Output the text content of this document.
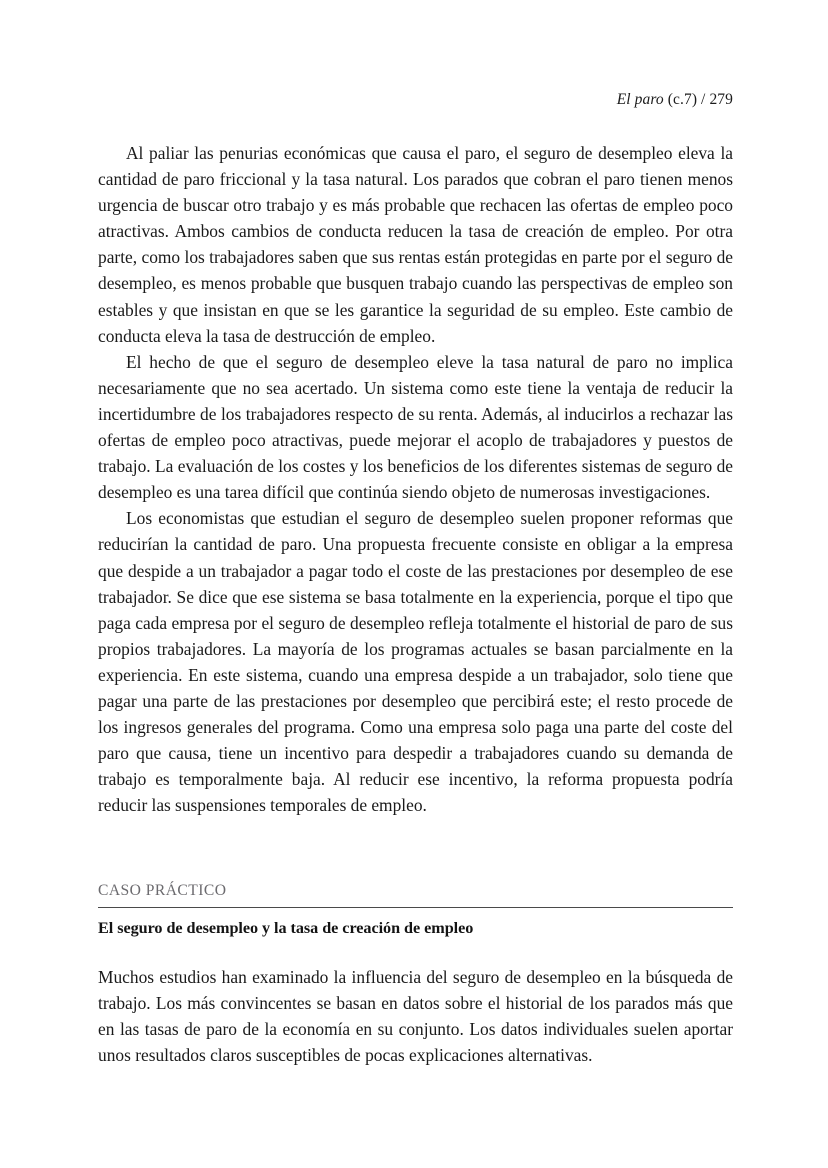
El paro (c.7) / 279

Al paliar las penurias económicas que causa el paro, el seguro de desempleo eleva la cantidad de paro friccional y la tasa natural. Los parados que cobran el paro tienen menos urgencia de buscar otro trabajo y es más probable que rechacen las ofertas de empleo poco atractivas. Ambos cambios de conducta reducen la tasa de creación de empleo. Por otra parte, como los trabajadores saben que sus rentas están protegidas en parte por el seguro de desempleo, es menos probable que busquen trabajo cuando las perspectivas de empleo son estables y que insistan en que se les garantice la seguridad de su empleo. Este cambio de conducta eleva la tasa de destrucción de empleo.

El hecho de que el seguro de desempleo eleve la tasa natural de paro no implica necesariamente que no sea acertado. Un sistema como este tiene la ventaja de reducir la incertidumbre de los trabajadores respecto de su renta. Además, al inducirlos a rechazar las ofertas de empleo poco atractivas, puede mejorar el acoplo de trabajadores y puestos de trabajo. La evaluación de los costes y los beneficios de los diferentes sistemas de seguro de desempleo es una tarea difícil que continúa siendo objeto de numerosas investigaciones.

Los economistas que estudian el seguro de desempleo suelen proponer reformas que reducirían la cantidad de paro. Una propuesta frecuente consiste en obligar a la empresa que despide a un trabajador a pagar todo el coste de las prestaciones por desempleo de ese trabajador. Se dice que ese sistema se basa totalmente en la experiencia, porque el tipo que paga cada empresa por el seguro de desempleo refleja totalmente el historial de paro de sus propios trabajadores. La mayoría de los programas actuales se basan parcialmente en la experiencia. En este sistema, cuando una empresa despide a un trabajador, solo tiene que pagar una parte de las prestaciones por desempleo que percibirá este; el resto procede de los ingresos generales del programa. Como una empresa solo paga una parte del coste del paro que causa, tiene un incentivo para despedir a trabajadores cuando su demanda de trabajo es temporalmente baja. Al reducir ese incentivo, la reforma propuesta podría reducir las suspensiones temporales de empleo.

CASO PRÁCTICO
El seguro de desempleo y la tasa de creación de empleo

Muchos estudios han examinado la influencia del seguro de desempleo en la búsqueda de trabajo. Los más convincentes se basan en datos sobre el historial de los parados más que en las tasas de paro de la economía en su conjunto. Los datos individuales suelen aportar unos resultados claros susceptibles de pocas explicaciones alternativas.
